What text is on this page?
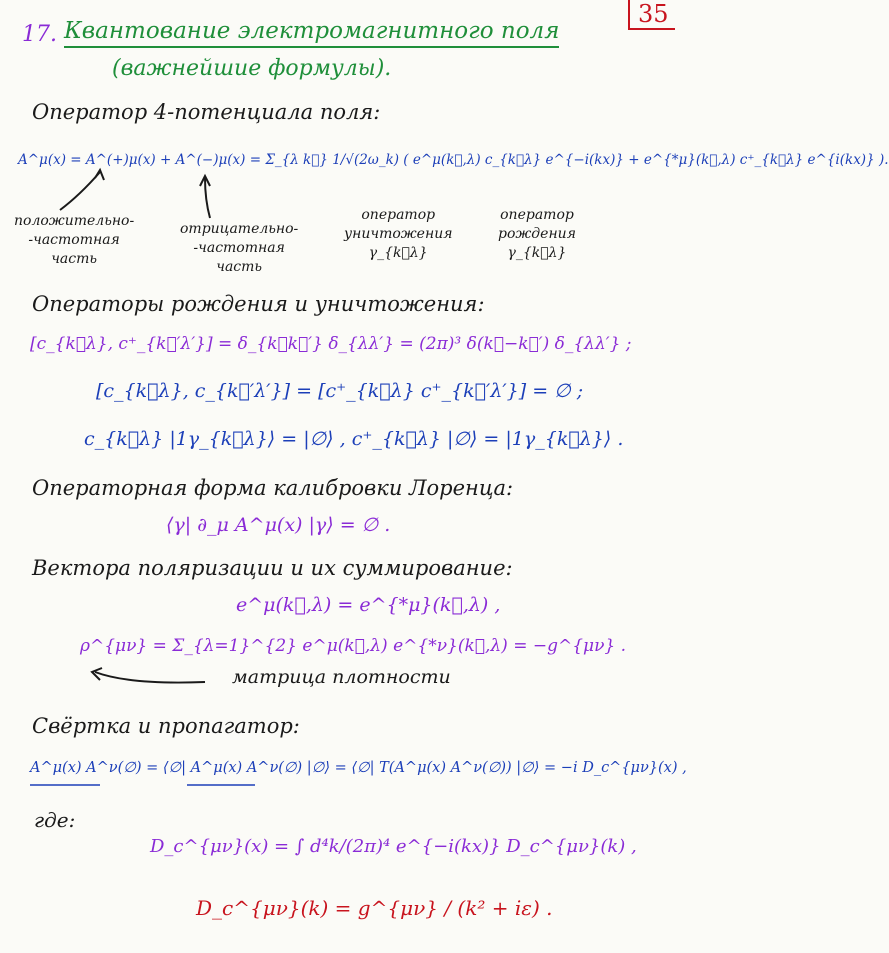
35
17. Квантование электромагнитного поля
(важнейшие формулы).
Оператор 4-потенциала поля:
A^μ(x) = A^(+)μ(x) + A^(−)μ(x) = Σ_{λ k⃗} 1/√(2ω_k) ( e^μ(k⃗,λ) c_{k⃗λ} e^{−i(kx)} + e^{*μ}(k⃗,λ) c⁺_{k⃗λ} e^{i(kx)} ).
положительно-
-частотная
часть
отрицательно-
-частотная
часть
оператор
уничтожения
γ_{k⃗λ}
оператор
рождения
γ_{k⃗λ}
Операторы рождения и уничтожения:
[c_{k⃗λ}, c⁺_{k⃗′λ′}] = δ_{k⃗k⃗′} δ_{λλ′} = (2π)³ δ(k⃗−k⃗′) δ_{λλ′} ;
[c_{k⃗λ}, c_{k⃗′λ′}] = [c⁺_{k⃗λ} c⁺_{k⃗′λ′}] = ∅ ;
c_{k⃗λ} |1γ_{k⃗λ}⟩ = |∅⟩ , c⁺_{k⃗λ} |∅⟩ = |1γ_{k⃗λ}⟩ .
Операторная форма калибровки Лоренца:
⟨γ| ∂_μ A^μ(x) |γ⟩ = ∅ .
Вектора поляризации и их суммирование:
e^μ(k⃗,λ) = e^{*μ}(k⃗,λ) ,
ρ^{μν} = Σ_{λ=1}^{2} e^μ(k⃗,λ) e^{*ν}(k⃗,λ) = −g^{μν} .
матрица плотности
Свёртка и пропагатор:
A^μ(x) A^ν(∅) = ⟨∅| A^μ(x) A^ν(∅) |∅⟩ = ⟨∅| T(A^μ(x) A^ν(∅)) |∅⟩ = −i D_c^{μν}(x) ,
где:
D_c^{μν}(x) = ∫ d⁴k/(2π)⁴ e^{−i(kx)} D_c^{μν}(k) ,
D_c^{μν}(k) = g^{μν} / (k² + iε) .
